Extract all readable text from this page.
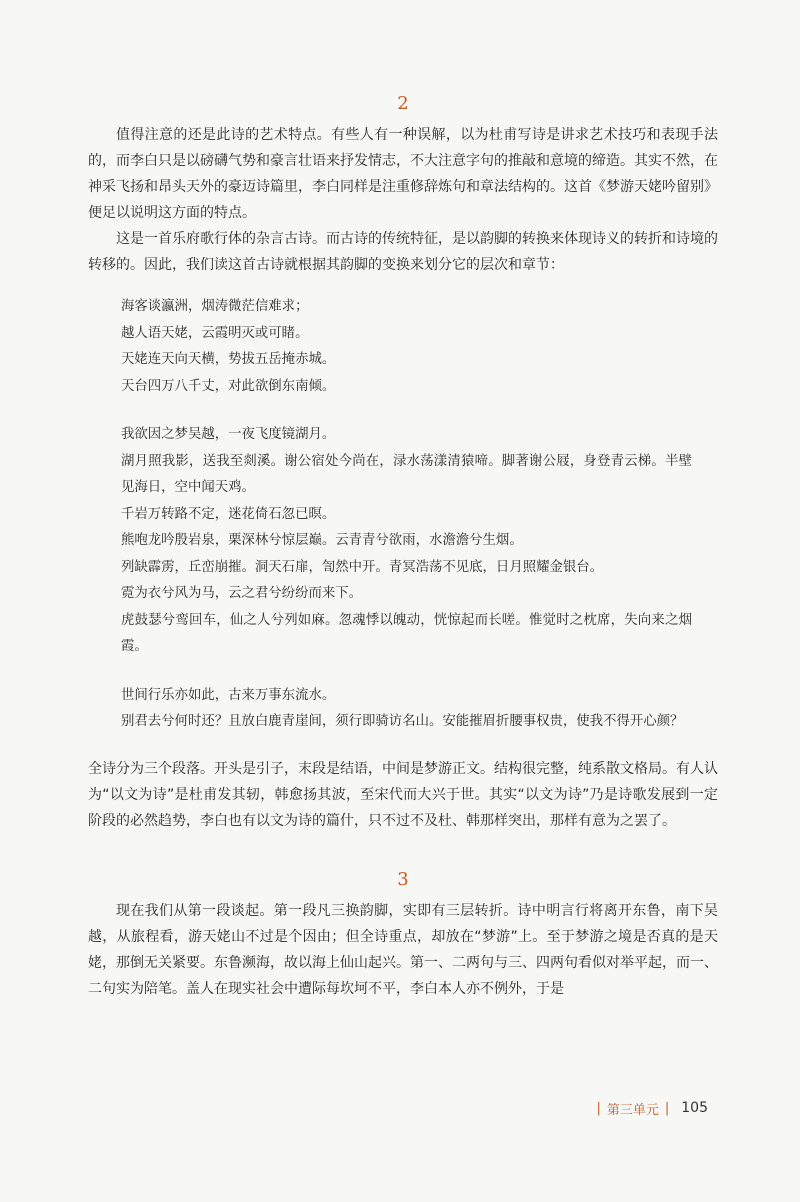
2

值得注意的还是此诗的艺术特点。有些人有一种误解，以为杜甫写诗是讲求艺术技巧和表现手法的，而李白只是以磅礴气势和豪言壮语来抒发情志，不大注意字句的推敲和意境的缔造。其实不然，在神采飞扬和昂头天外的豪迈诗篇里，李白同样是注重修辞炼句和章法结构的。这首《梦游天姥吟留别》便足以说明这方面的特点。

这是一首乐府歌行体的杂言古诗。而古诗的传统特征，是以韵脚的转换来体现诗义的转折和诗境的转移的。因此，我们读这首古诗就根据其韵脚的变换来划分它的层次和章节：

海客谈瀛洲，烟涛微茫信难求；

越人语天姥，云霞明灭或可睹。

天姥连天向天横，势拔五岳掩赤城。

天台四万八千丈，对此欲倒东南倾。

我欲因之梦吴越，一夜飞度镜湖月。

湖月照我影，送我至剡溪。谢公宿处今尚在，渌水荡漾清猿啼。脚著谢公屐，身登青云梯。半壁见海日，空中闻天鸡。

千岩万转路不定，迷花倚石忽已暝。

熊咆龙吟殷岩泉，栗深林兮惊层巅。云青青兮欲雨，水澹澹兮生烟。

列缺霹雳，丘峦崩摧。洞天石扉，訇然中开。青冥浩荡不见底，日月照耀金银台。

霓为衣兮风为马，云之君兮纷纷而来下。

虎鼓瑟兮鸾回车，仙之人兮列如麻。忽魂悸以魄动，恍惊起而长嗟。惟觉时之枕席，失向来之烟霞。

世间行乐亦如此，古来万事东流水。

别君去兮何时还？且放白鹿青崖间，须行即骑访名山。安能摧眉折腰事权贵，使我不得开心颜？

全诗分为三个段落。开头是引子，末段是结语，中间是梦游正文。结构很完整，纯系散文格局。有人认为“以文为诗”是杜甫发其轫，韩愈扬其波，至宋代而大兴于世。其实“以文为诗”乃是诗歌发展到一定阶段的必然趋势，李白也有以文为诗的篇什，只不过不及杜、韩那样突出，那样有意为之罢了。

3

现在我们从第一段谈起。第一段凡三换韵脚，实即有三层转折。诗中明言行将离开东鲁，南下吴越，从旅程看，游天姥山不过是个因由；但全诗重点，却放在“梦游”上。至于梦游之境是否真的是天姥，那倒无关紧要。东鲁濒海，故以海上仙山起兴。第一、二两句与三、四两句看似对举平起，而一、二句实为陪笔。盖人在现实社会中遭际每坎坷不平，李白本人亦不例外，于是

| 第三单元 | 105
